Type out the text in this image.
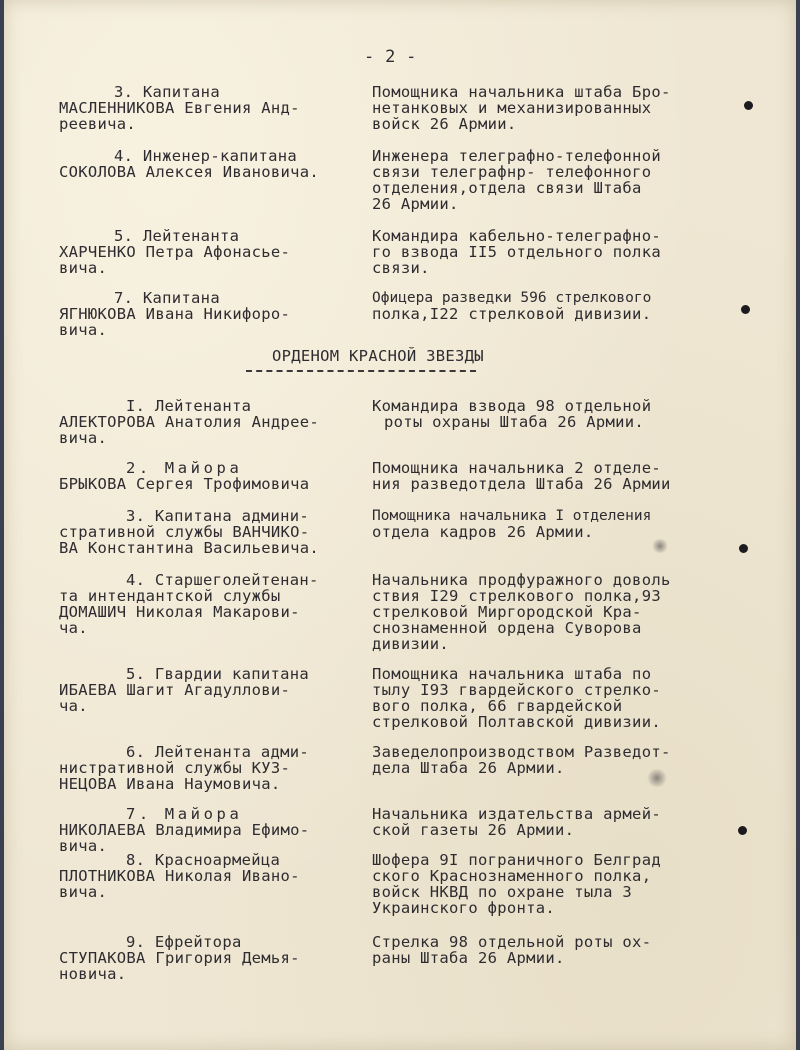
- 2 -
3. Капитана
МАСЛЕННИКОВА Евгения Анд-
реевича.
Помощника начальника штаба Бро-
нетанковых и механизированных
войск 26 Армии.
4. Инженер-капитана
СОКОЛОВА Алексея Ивановича.
Инженера телеграфно-телефонной
связи телеграфнр- телефонного
отделения,отдела связи Штаба
26 Армии.
5. Лейтенанта
ХАРЧЕНКО Петра Афонасье-
вича.
Командира кабельно-телеграфно-
го взвода II5 отдельного полка
связи.
7. Капитана
ЯГНЮКОВА Ивана Никифоро-
вича.
Офицера разведки 596 стрелкового
полка,I22 стрелковой дивизии.
ОРДЕНОМ КРАСНОЙ ЗВЕЗДЫ
I. Лейтенанта
АЛЕКТОРОВА Анатолия Андрее-
вича.
Командира взвода 98 отдельной
роты охраны Штаба 26 Армии.
2. Майора
БРЫКОВА Сергея Трофимовича
Помощника начальника 2 отделе-
ния разведотдела Штаба 26 Армии
3. Капитана админи-
стративной службы ВАНЧИКО-
ВА Константина Васильевича.
Помощника начальника I отделения
отдела кадров 26 Армии.
4. Старшеголейтенан-
та интендантской службы
ДОМАШИЧ Николая Макарови-
ча.
Начальника продфуражного доволь
ствия I29 стрелкового полка,93
стрелковой Миргородской Кра-
снознаменной ордена Суворова
дивизии.
5. Гвардии капитана
ИБАЕВА Шагит Агадуллови-
ча.
Помощника начальника штаба по
тылу I93 гвардейского стрелко-
вого полка, 66 гвардейской
стрелковой Полтавской дивизии.
6. Лейтенанта адми-
нистративной службы КУЗ-
НЕЦОВА Ивана Наумовича.
Заведелопроизводством Разведот-
дела Штаба 26 Армии.
7. Майора
НИКОЛАЕВА Владимира Ефимо-
вича.
Начальника издательства армей-
ской газеты 26 Армии.
8. Красноармейца
ПЛОТНИКОВА Николая Ивано-
вича.
Шофера 9I пограничного Белград
ского Краснознаменного полка,
войск НКВД по охране тыла 3
Украинского фронта.
9. Ефрейтора
СТУПАКОВА Григория Демья-
новича.
Стрелка 98 отдельной роты ох-
раны Штаба 26 Армии.
